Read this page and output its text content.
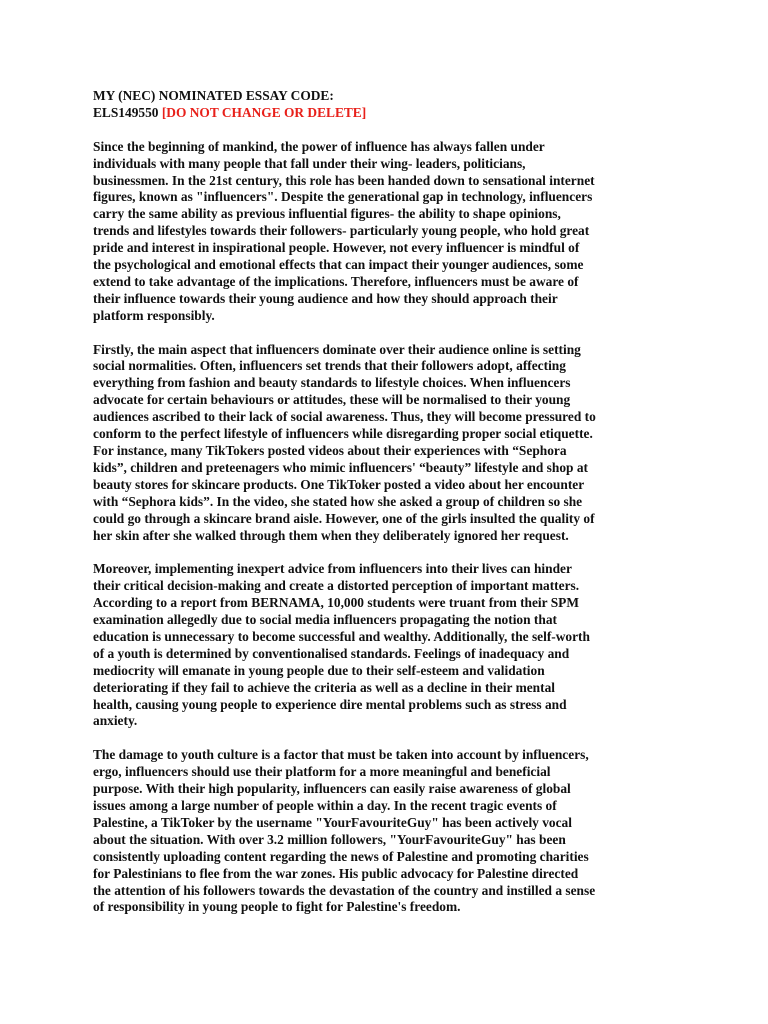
MY (NEC) NOMINATED ESSAY CODE:
ELS149550 [DO NOT CHANGE OR DELETE]
Since the beginning of mankind, the power of influence has always fallen under
individuals with many people that fall under their wing- leaders, politicians,
businessmen. In the 21st century, this role has been handed down to sensational internet
figures, known as "influencers". Despite the generational gap in technology, influencers
carry the same ability as previous influential figures- the ability to shape opinions,
trends and lifestyles towards their followers- particularly young people, who hold great
pride and interest in inspirational people. However, not every influencer is mindful of
the psychological and emotional effects that can impact their younger audiences, some
extend to take advantage of the implications. Therefore, influencers must be aware of
their influence towards their young audience and how they should approach their
platform responsibly.
Firstly, the main aspect that influencers dominate over their audience online is setting
social normalities. Often, influencers set trends that their followers adopt, affecting
everything from fashion and beauty standards to lifestyle choices. When influencers
advocate for certain behaviours or attitudes, these will be normalised to their young
audiences ascribed to their lack of social awareness. Thus, they will become pressured to
conform to the perfect lifestyle of influencers while disregarding proper social etiquette.
For instance, many TikTokers posted videos about their experiences with “Sephora
kids”, children and preteenagers who mimic influencers' “beauty” lifestyle and shop at
beauty stores for skincare products. One TikToker posted a video about her encounter
with “Sephora kids”. In the video, she stated how she asked a group of children so she
could go through a skincare brand aisle. However, one of the girls insulted the quality of
her skin after she walked through them when they deliberately ignored her request.
Moreover, implementing inexpert advice from influencers into their lives can hinder
their critical decision-making and create a distorted perception of important matters.
According to a report from BERNAMA, 10,000 students were truant from their SPM
examination allegedly due to social media influencers propagating the notion that
education is unnecessary to become successful and wealthy. Additionally, the self-worth
of a youth is determined by conventionalised standards. Feelings of inadequacy and
mediocrity will emanate in young people due to their self-esteem and validation
deteriorating if they fail to achieve the criteria as well as a decline in their mental
health, causing young people to experience dire mental problems such as stress and
anxiety.
The damage to youth culture is a factor that must be taken into account by influencers,
ergo, influencers should use their platform for a more meaningful and beneficial
purpose. With their high popularity, influencers can easily raise awareness of global
issues among a large number of people within a day. In the recent tragic events of
Palestine, a TikToker by the username "YourFavouriteGuy" has been actively vocal
about the situation. With over 3.2 million followers, "YourFavouriteGuy" has been
consistently uploading content regarding the news of Palestine and promoting charities
for Palestinians to flee from the war zones. His public advocacy for Palestine directed
the attention of his followers towards the devastation of the country and instilled a sense
of responsibility in young people to fight for Palestine's freedom.
